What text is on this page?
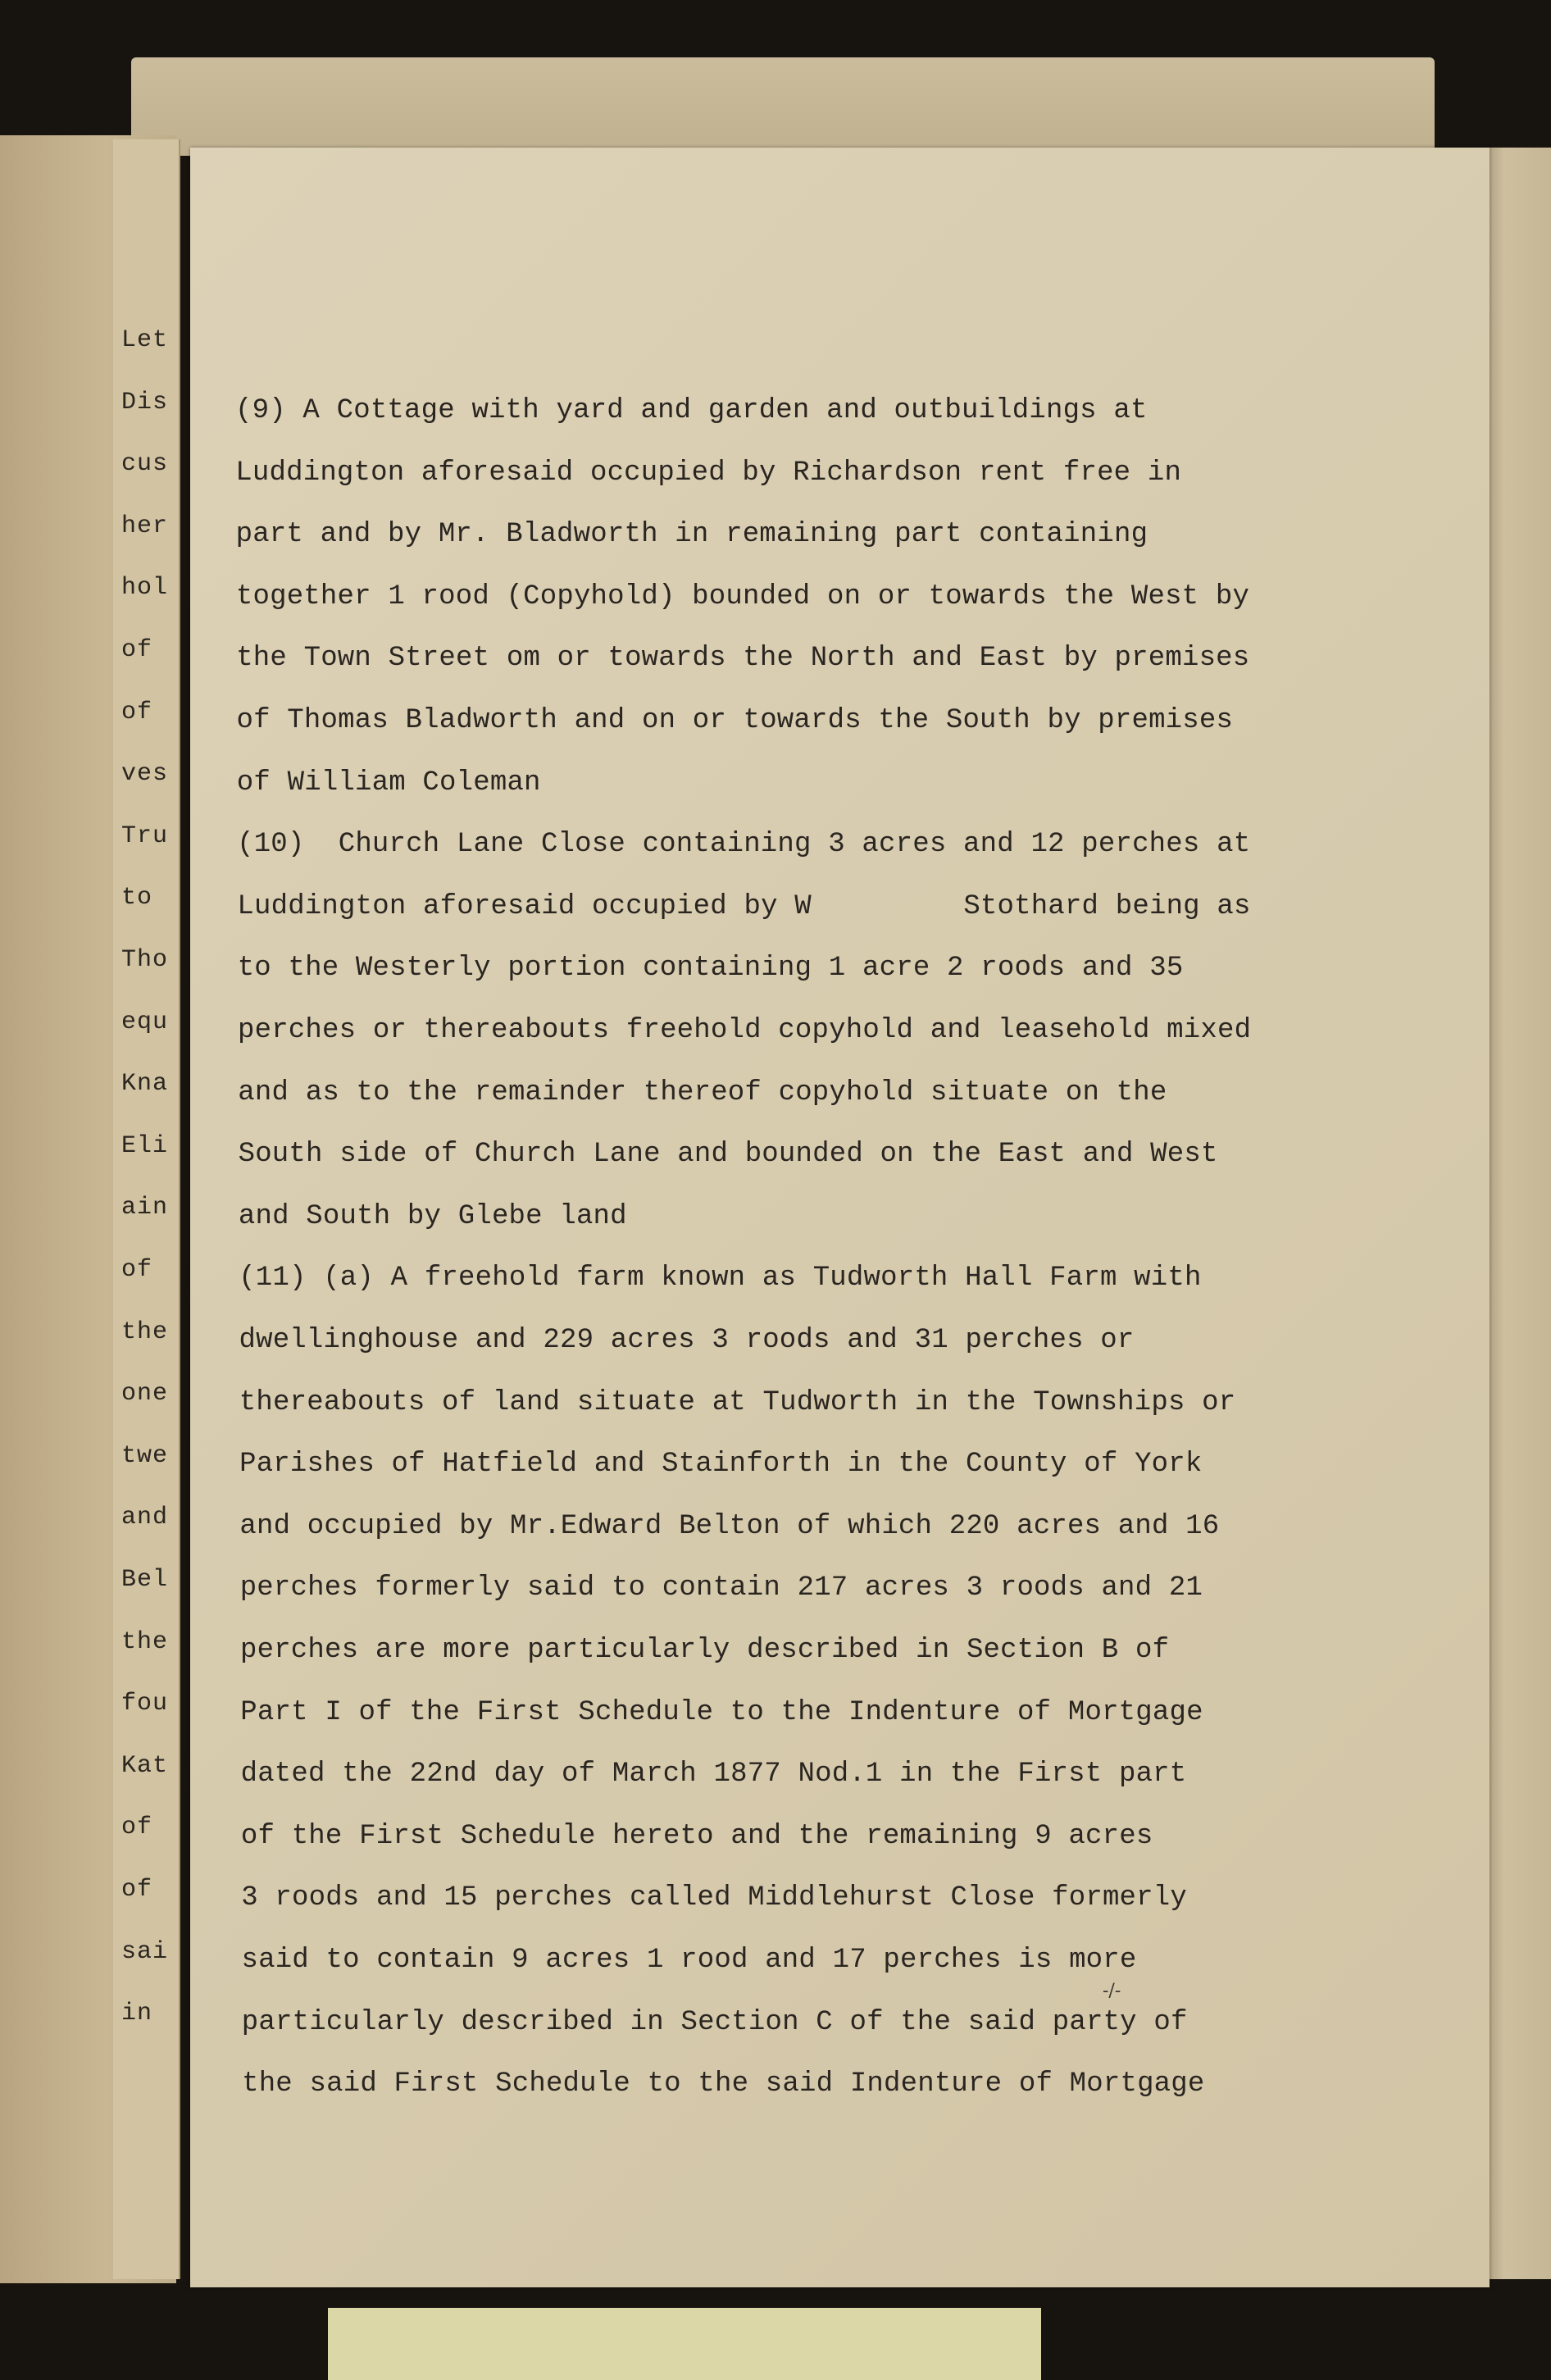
Let
Dis
cus
her
hol
of
of
ves
Tru
to
Tho
equ
Kna
Eli
ain
of
the
one
twe
and
Bel
the
fou
Kat
of
of
sai
in
(9) A Cottage with yard and garden and outbuildings at
Luddington aforesaid occupied by Richardson rent free in
part and by Mr. Bladworth in remaining part containing
together 1 rood (Copyhold) bounded on or towards the West by
the Town Street om or towards the North and East by premises
of Thomas Bladworth and on or towards the South by premises
of William Coleman
(10)  Church Lane Close containing 3 acres and 12 perches at
Luddington aforesaid occupied by W         Stothard being as
to the Westerly portion containing 1 acre 2 roods and 35
perches or thereabouts freehold copyhold and leasehold mixed
and as to the remainder thereof copyhold situate on the
South side of Church Lane and bounded on the East and West
and South by Glebe land
(11) (a) A freehold farm known as Tudworth Hall Farm with
dwellinghouse and 229 acres 3 roods and 31 perches or
thereabouts of land situate at Tudworth in the Townships or
Parishes of Hatfield and Stainforth in the County of York
and occupied by Mr.Edward Belton of which 220 acres and 16
perches formerly said to contain 217 acres 3 roods and 21
perches are more particularly described in Section B of
Part I of the First Schedule to the Indenture of Mortgage
dated the 22nd day of March 1877 Nod.1 in the First part
of the First Schedule hereto and the remaining 9 acres
3 roods and 15 perches called Middlehurst Close formerly
said to contain 9 acres 1 rood and 17 perches is more
particularly described in Section C of the said party of
the said First Schedule to the said Indenture of Mortgage
-/-
